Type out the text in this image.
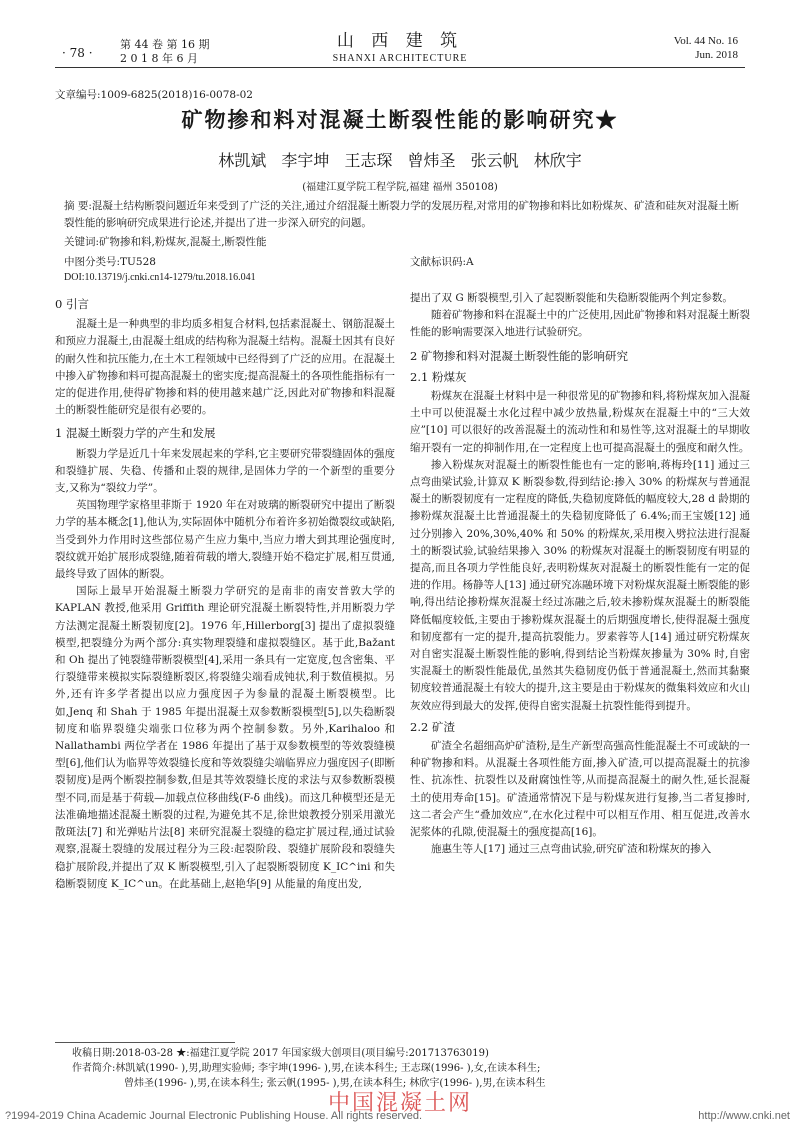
· 78 ·
第 44 卷 第 16 期
2 0 1 8 年 6 月
山 西 建 筑
SHANXI ARCHITECTURE
Vol. 44 No. 16
Jun. 2018
文章编号:1009-6825(2018)16-0078-02
矿物掺和料对混凝土断裂性能的影响研究★
林凯斌 李宇坤 王志琛 曾炜圣 张云帆 林欣宇
(福建江夏学院工程学院,福建 福州 350108)
摘 要:混凝土结构断裂问题近年来受到了广泛的关注,通过介绍混凝土断裂力学的发展历程,对常用的矿物掺和料比如粉煤灰、矿渣和硅灰对混凝土断裂性能的影响研究成果进行论述,并提出了进一步深入研究的问题。
关键词:矿物掺和料,粉煤灰,混凝土,断裂性能
中图分类号:TU528	文献标识码:A
DOI:10.13719/j.cnki.cn14-1279/tu.2018.16.041
0 引言

混凝土是一种典型的非均质多相复合材料,包括素混凝土、钢筋混凝土和预应力混凝土,由混凝土组成的结构称为混凝土结构。混凝土因其有良好的耐久性和抗压能力,在土木工程领域中已经得到了广泛的应用。在混凝土中掺入矿物掺和料可提高混凝土的密实度;提高混凝土的各项性能指标有一定的促进作用,使得矿物掺和料的使用越来越广泛,因此对矿物掺和料混凝土的断裂性能研究是很有必要的。

1 混凝土断裂力学的产生和发展

断裂力学是近几十年来发展起来的学科,它主要研究带裂缝固体的强度和裂缝扩展、失稳、传播和止裂的规律,是固体力学的一个新型的重要分支,又称为“裂纹力学”。

英国物理学家格里菲斯于 1920 年在对玻璃的断裂研究中提出了断裂力学的基本概念[1],他认为,实际固体中随机分布着许多初始微裂纹或缺陷,当受到外力作用时这些部位易产生应力集中,当应力增大到其理论强度时,裂纹就开始扩展形成裂缝,随着荷载的增大,裂缝开始不稳定扩展,相互贯通,最终导致了固体的断裂。

国际上最早开始混凝土断裂力学研究的是南非的南安普敦大学的 KAPLAN 教授,他采用 Griffith 理论研究混凝土断裂特性,并用断裂力学方法测定混凝土断裂韧度[2]。1976 年,Hillerborg[3] 提出了虚拟裂缝模型,把裂缝分为两个部分:真实物理裂缝和虚拟裂缝区。基于此,Bažant 和 Oh 提出了钝裂缝带断裂模型[4],采用一条具有一定宽度,包含密集、平行裂缝带来模拟实际裂缝断裂区,将裂缝尖端看成钝状,利于数值模拟。另外,还有许多学者提出以应力强度因子为参量的混凝土断裂模型。比如,Jenq 和 Shah 于 1985 年提出混凝土双参数断裂模型[5],以失稳断裂韧度和临界裂缝尖端张口位移为两个控制参数。另外,Karihaloo 和 Nallathambi 两位学者在 1986 年提出了基于双参数模型的等效裂缝模型[6],他们认为临界等效裂缝长度和等效裂缝尖端临界应力强度因子(即断裂韧度)是两个断裂控制参数,但是其等效裂缝长度的求法与双参数断裂模型不同,而是基于荷载—加载点位移曲线(F-δ 曲线)。而这几种模型还是无法准确地描述混凝土断裂的过程,为避免其不足,徐世烺教授分别采用激光散斑法[7] 和光弹贴片法[8] 来研究混凝土裂缝的稳定扩展过程,通过试验观察,混凝土裂缝的发展过程分为三段:起裂阶段、裂缝扩展阶段和裂缝失稳扩展阶段,并提出了双 K 断裂模型,引入了起裂断裂韧度 K_IC^ini 和失稳断裂韧度 K_IC^un。在此基础上,赵艳华[9] 从能量的角度出发,

提出了双 G 断裂模型,引入了起裂断裂能和失稳断裂能两个判定参数。

随着矿物掺和料在混凝土中的广泛使用,因此矿物掺和料对混凝土断裂性能的影响需要深入地进行试验研究。

2 矿物掺和料对混凝土断裂性能的影响研究
2.1 粉煤灰

粉煤灰在混凝土材料中是一种很常见的矿物掺和料,将粉煤灰加入混凝土中可以使混凝土水化过程中减少放热量,粉煤灰在混凝土中的“三大效应”[10] 可以很好的改善混凝土的流动性和和易性等,这对混凝土的早期收缩开裂有一定的抑制作用,在一定程度上也可提高混凝土的强度和耐久性。

掺入粉煤灰对混凝土的断裂性能也有一定的影响,蒋梅玲[11] 通过三点弯曲梁试验,计算双 K 断裂参数,得到结论:掺入 30% 的粉煤灰与普通混凝土的断裂韧度有一定程度的降低,失稳韧度降低的幅度较大,28 d 龄期的掺粉煤灰混凝土比普通混凝土的失稳韧度降低了 6.4%;而王宝媛[12] 通过分别掺入 20%,30%,40% 和 50% 的粉煤灰,采用楔入劈拉法进行混凝土的断裂试验,试验结果掺入 30% 的粉煤灰对混凝土的断裂韧度有明显的提高,而且各项力学性能良好,表明粉煤灰对混凝土的断裂性能有一定的促进的作用。杨静等人[13] 通过研究冻融环境下对粉煤灰混凝土断裂能的影响,得出结论掺粉煤灰混凝土经过冻融之后,较未掺粉煤灰混凝土的断裂能降低幅度较低,主要由于掺粉煤灰混凝土的后期强度增长,使得混凝土强度和韧度都有一定的提升,提高抗裂能力。罗素蓉等人[14] 通过研究粉煤灰对自密实混凝土断裂性能的影响,得到结论当粉煤灰掺量为 30% 时,自密实混凝土的断裂性能最优,虽然其失稳韧度仍低于普通混凝土,然而其黏聚韧度较普通混凝土有较大的提升,这主要是由于粉煤灰的微集料效应和火山灰效应得到最大的发挥,使得自密实混凝土抗裂性能得到提升。

2.2 矿渣

矿渣全名超细高炉矿渣粉,是生产新型高强高性能混凝土不可或缺的一种矿物掺和料。从混凝土各项性能方面,掺入矿渣,可以提高混凝土的抗渗性、抗冻性、抗裂性以及耐腐蚀性等,从而提高混凝土的耐久性,延长混凝土的使用寿命[15]。矿渣通常情况下是与粉煤灰进行复掺,当二者复掺时,这二者会产生“叠加效应”,在水化过程中可以相互作用、相互促进,改善水泥浆体的孔隙,使混凝土的强度提高[16]。

施惠生等人[17] 通过三点弯曲试验,研究矿渣和粉煤灰的掺入

收稿日期:2018-03-28 ★:福建江夏学院 2017 年国家级大创项目(项目编号:201713763019)
作者简介:林凯斌(1990- ),男,助理实验师; 李宇坤(1996- ),男,在读本科生; 王志琛(1996- ),女,在读本科生;
曾炜圣(1996- ),男,在读本科生; 张云帆(1995- ),男,在读本科生; 林欣宇(1996- ),男,在读本科生
中国混凝土网
?1994-2019 China Academic Journal Electronic Publishing House. All rights reserved.	http://www.cnki.net
